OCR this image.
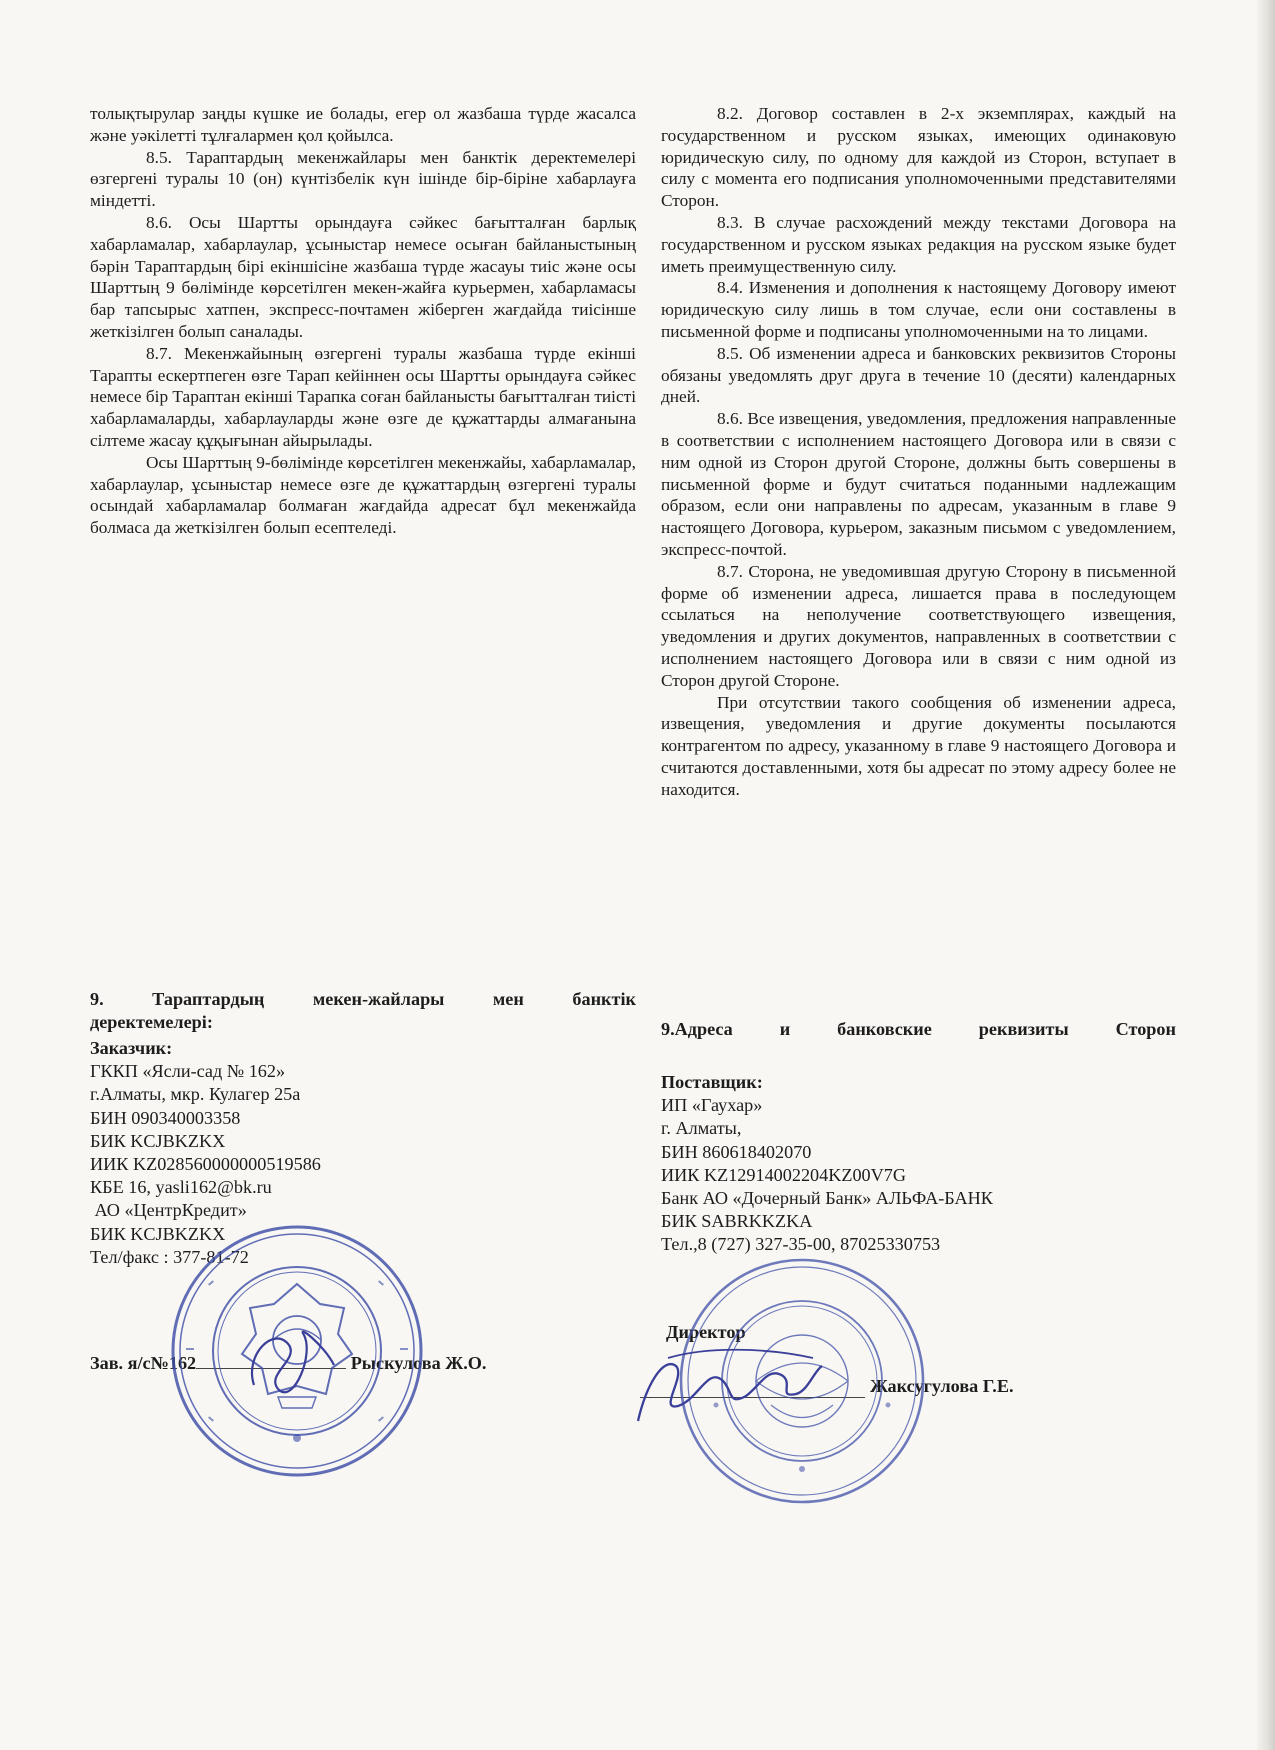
толықтырулар заңды күшке ие болады, егер ол жазбаша түрде жасалса және уәкілетті тұлғалармен қол қойылса.

8.5. Тараптардың мекенжайлары мен банктік деректемелері өзгергені туралы 10 (он) күнтізбелік күн ішінде бір-біріне хабарлауға міндетті.

8.6. Осы Шартты орындауға сәйкес бағытталған барлық хабарламалар, хабарлаулар, ұсыныстар немесе осыған байланыстының бәрін Тараптардың бірі екіншісіне жазбаша түрде жасауы тиіс және осы Шарттың 9 бөлімінде көрсетілген мекен-жайға курьермен, хабарламасы бар тапсырыс хатпен, экспресс-почтамен жіберген жағдайда тиісінше жеткізілген болып саналады.

8.7. Мекенжайының өзгергені туралы жазбаша түрде екінші Тарапты ескертпеген өзге Тарап кейіннен осы Шартты орындауға сәйкес немесе бір Тараптан екінші Тарапка соған байланысты бағытталған тиісті хабарламаларды, хабарлауларды және өзге де құжаттарды алмағанына сілтеме жасау құқығынан айырылады.

Осы Шарттың 9-бөлімінде көрсетілген мекенжайы, хабарламалар, хабарлаулар, ұсыныстар немесе өзге де құжаттардың өзгергені туралы осындай хабарламалар болмаған жағдайда адресат бұл мекенжайда болмаса да жеткізілген болып есептеледі.

8.2. Договор составлен в 2-х экземплярах, каждый на государственном и русском языках, имеющих одинаковую юридическую силу, по одному для каждой из Сторон, вступает в силу с момента его подписания уполномоченными представителями Сторон.

8.3. В случае расхождений между текстами Договора на государственном и русском языках редакция на русском языке будет иметь преимущественную силу.

8.4. Изменения и дополнения к настоящему Договору имеют юридическую силу лишь в том случае, если они составлены в письменной форме и подписаны уполномоченными на то лицами.

8.5. Об изменении адреса и банковских реквизитов Стороны обязаны уведомлять друг друга в течение 10 (десяти) календарных дней.

8.6. Все извещения, уведомления, предложения направленные в соответствии с исполнением настоящего Договора или в связи с ним одной из Сторон другой Стороне, должны быть совершены в письменной форме и будут считаться поданными надлежащим образом, если они направлены по адресам, указанным в главе 9 настоящего Договора, курьером, заказным письмом с уведомлением, экспресс-почтой.

8.7. Сторона, не уведомившая другую Сторону в письменной форме об изменении адреса, лишается права в последующем ссылаться на неполучение соответствующего извещения, уведомления и других документов, направленных в соответствии с исполнением настоящего Договора или в связи с ним одной из Сторон другой Стороне.

При отсутствии такого сообщения об изменении адреса, извещения, уведомления и другие документы посылаются контрагентом по адресу, указанному в главе 9 настоящего Договора и считаются доставленными, хотя бы адресат по этому адресу более не находится.

9. Тараптардың мекен-жайлары мен банктік

деректемелері:

Заказчик:

ГККП «Ясли-сад № 162»

г.Алматы, мкр. Кулагер 25а

БИН 090340003358

БИК KCJBKZKX

ИИК KZ028560000000519586

КБЕ 16, yasli162@bk.ru

АО «ЦентрКредит»

БИК KCJBKZKX

Тел/факс : 377-81-72

Зав. я/с№162	Рыскулова Ж.О.
9.Адреса и банковские реквизиты Сторон

Поставщик:

ИП «Гаухар»

г. Алматы,

БИН 860618402070

ИИК KZ12914002204KZ00V7G

Банк АО «Дочерный Банк» АЛЬФА-БАНК

БИК SABRKKZKA

Тел.,8 (727) 327-35-00, 87025330753

Директор
Жаксугулова Г.Е.
